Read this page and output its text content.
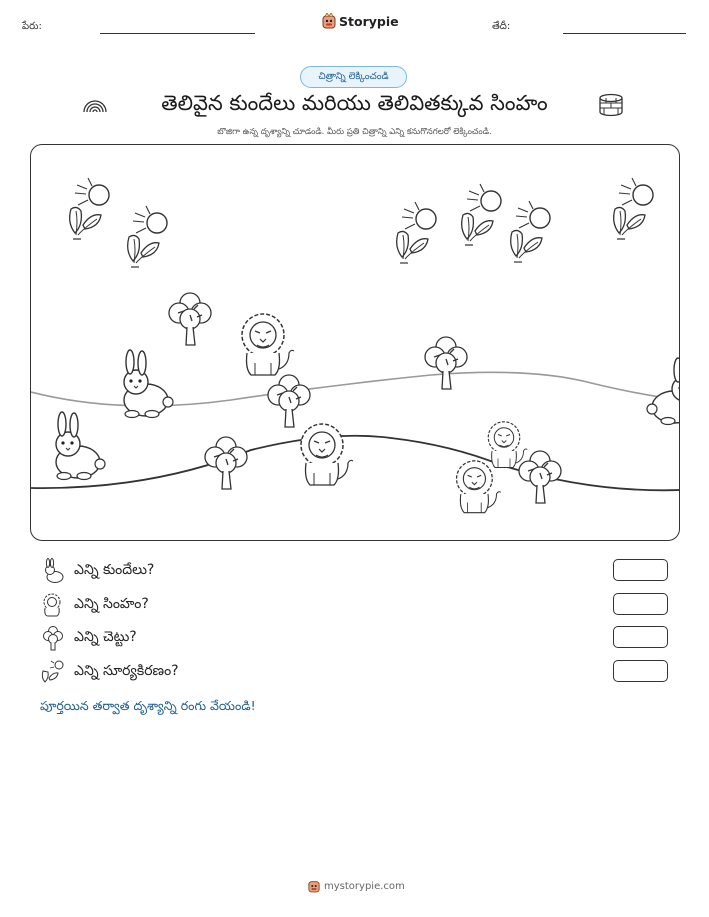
పేరు:	Storypie	తేదీ:
చిత్రాన్ని లెక్కించండి
తెలివైన కుందేలు మరియు తెలివితక్కువ సింహం
బొజిగా ఉన్న దృశ్యాన్ని చూడండి. మీరు ప్రతి చిత్రాన్ని ఎన్ని కనుగొనగలరో లెక్కించండి.
ఎన్ని కుందేలు?
ఎన్ని సింహం?
ఎన్ని చెట్టు?
ఎన్ని సూర్యకిరణం?
పూర్తయిన తర్వాత దృశ్యాన్ని రంగు వేయండి!
mystorypie.com
